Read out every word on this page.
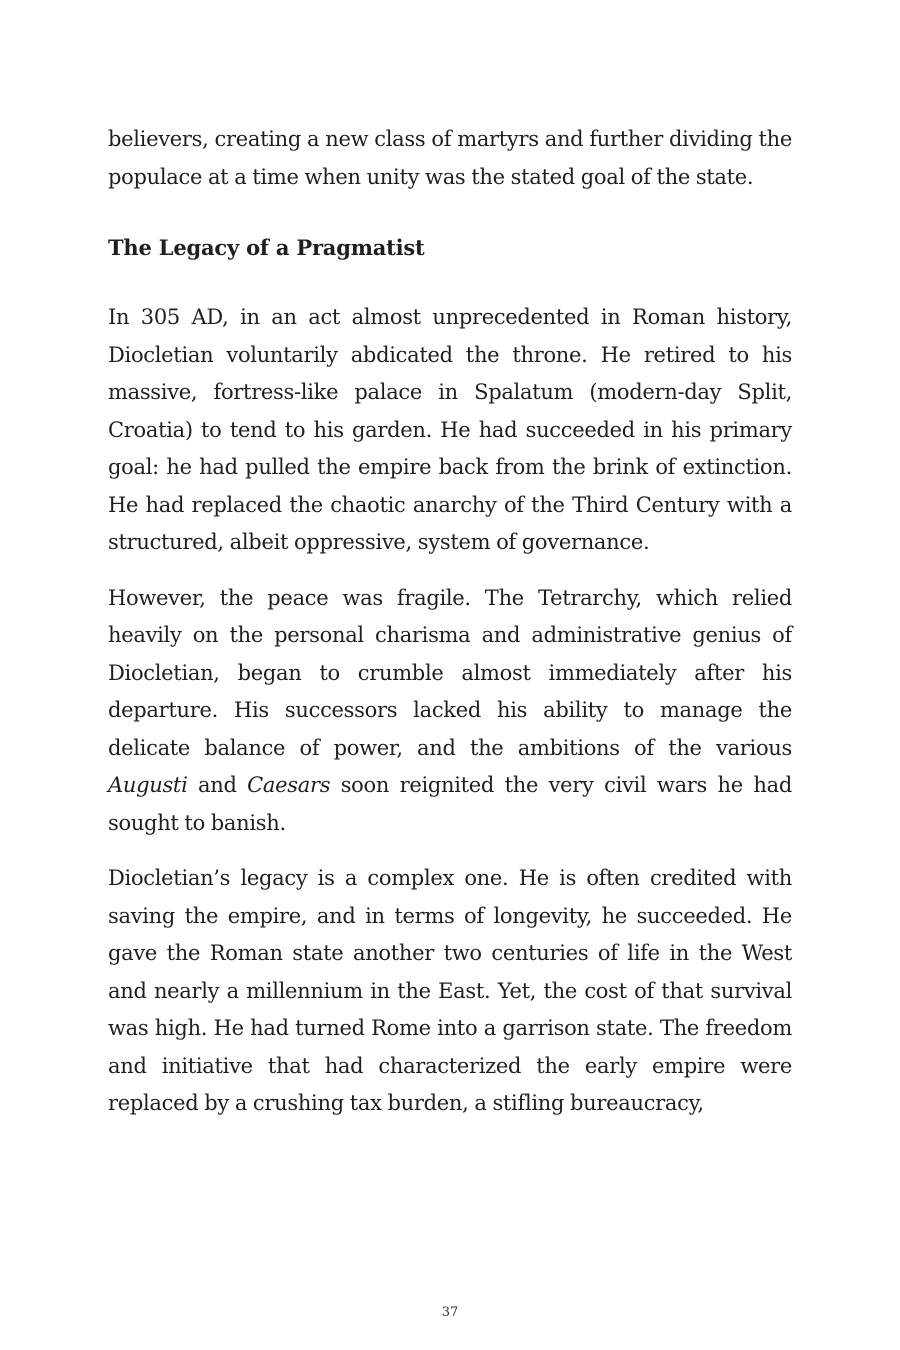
believers, creating a new class of martyrs and further dividing the populace at a time when unity was the stated goal of the state.

The Legacy of a Pragmatist

In 305 AD, in an act almost unprecedented in Roman history, Diocletian voluntarily abdicated the throne. He retired to his massive, fortress-like palace in Spalatum (modern-day Split, Croatia) to tend to his garden. He had succeeded in his primary goal: he had pulled the empire back from the brink of extinction. He had replaced the chaotic anarchy of the Third Century with a structured, albeit oppressive, system of governance.

However, the peace was fragile. The Tetrarchy, which relied heavily on the personal charisma and administrative genius of Diocletian, began to crumble almost immediately after his departure. His successors lacked his ability to manage the delicate balance of power, and the ambitions of the various Augusti and Caesars soon reignited the very civil wars he had sought to banish.

Diocletian’s legacy is a complex one. He is often credited with saving the empire, and in terms of longevity, he succeeded. He gave the Roman state another two centuries of life in the West and nearly a millennium in the East. Yet, the cost of that survival was high. He had turned Rome into a garrison state. The freedom and initiative that had characterized the early empire were replaced by a crushing tax burden, a stifling bureaucracy,

37
